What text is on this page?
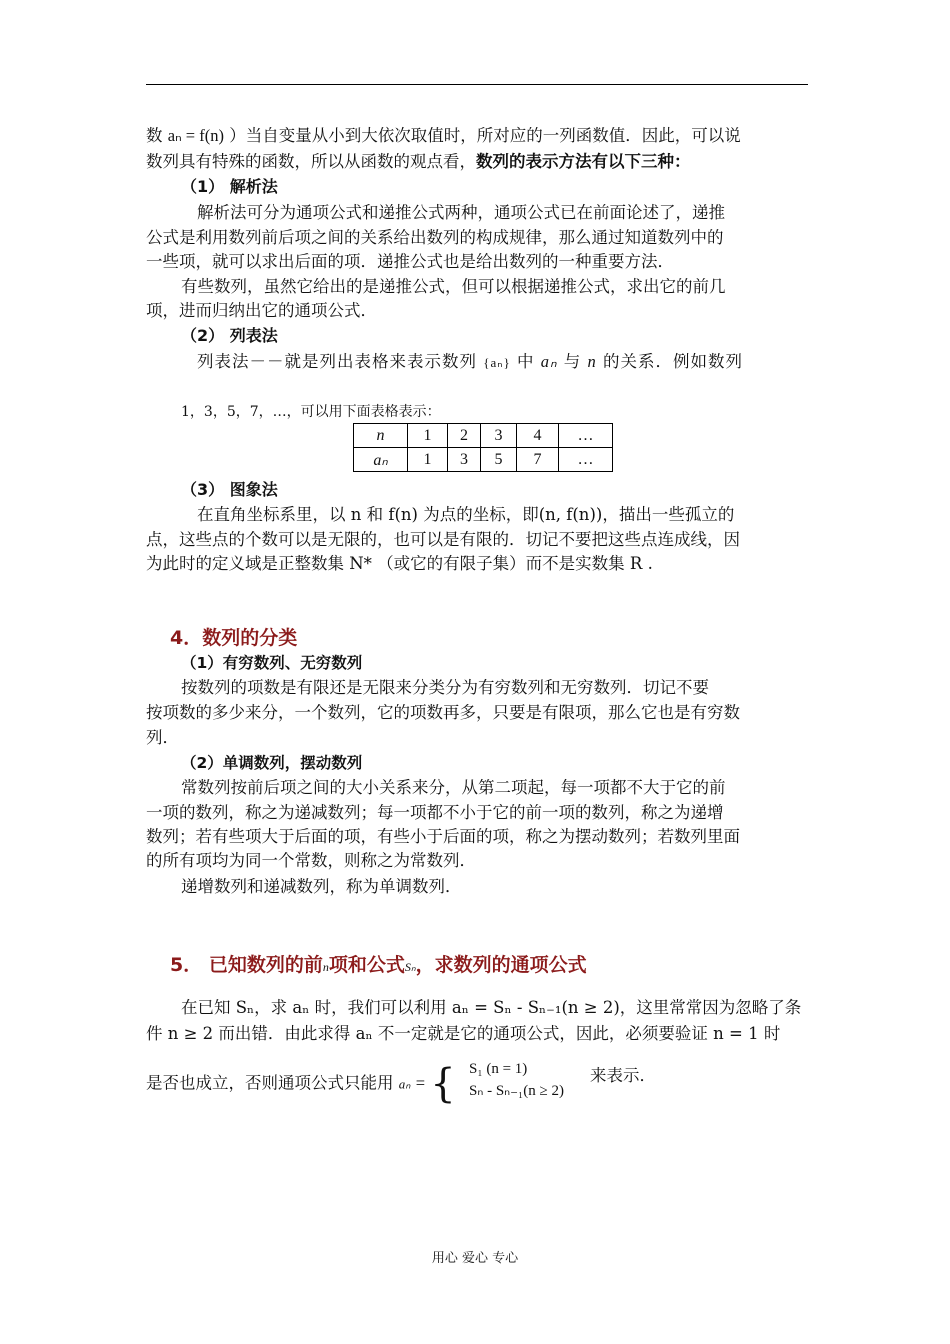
数 aₙ = f(n) ）当自变量从小到大依次取值时，所对应的一列函数值．因此，可以说
数列具有特殊的函数，所以从函数的观点看，数列的表示方法有以下三种：
（1） 解析法
解析法可分为通项公式和递推公式两种，通项公式已在前面论述了，递推
公式是利用数列前后项之间的关系给出数列的构成规律，那么通过知道数列中的
一些项，就可以求出后面的项．递推公式也是给出数列的一种重要方法．
有些数列，虽然它给出的是递推公式，但可以根据递推公式，求出它的前几
项，进而归纳出它的通项公式．
（2） 列表法
列表法－－就是列出表格来表示数列 {aₙ} 中 aₙ 与 n 的关系．例如数列
1，3，5，7，…，可以用下面表格表示：
n	1	2	3	4	…
aₙ	1	3	5	7	…
（3） 图象法
在直角坐标系里，以 n 和 f(n) 为点的坐标，即(n, f(n))，描出一些孤立的
点，这些点的个数可以是无限的，也可以是有限的．切记不要把这些点连成线，因
为此时的定义域是正整数集 N* （或它的有限子集）而不是实数集 R .
4．数列的分类
（1）有穷数列、无穷数列
按数列的项数是有限还是无限来分类分为有穷数列和无穷数列．切记不要
按项数的多少来分，一个数列，它的项数再多，只要是有限项，那么它也是有穷数
列．
（2）单调数列，摆动数列
常数列按前后项之间的大小关系来分，从第二项起，每一项都不大于它的前
一项的数列，称之为递减数列；每一项都不小于它的前一项的数列，称之为递增
数列；若有些项大于后面的项，有些小于后面的项，称之为摆动数列；若数列里面
的所有项均为同一个常数，则称之为常数列．
递增数列和递减数列，称为单调数列．
5． 已知数列的前n项和公式Sₙ，求数列的通项公式
在已知 Sₙ，求 aₙ 时，我们可以利用 aₙ = Sₙ - Sₙ₋₁(n ≥ 2)，这里常常因为忽略了条
件 n ≥ 2 而出错．由此求得 aₙ 不一定就是它的通项公式，因此，必须要验证 n = 1 时
是否也成立，否则通项公式只能用 aₙ = { S₁ (n = 1)
Sₙ - Sₙ₋₁(n ≥ 2)
来表示．
用心 爱心 专心
